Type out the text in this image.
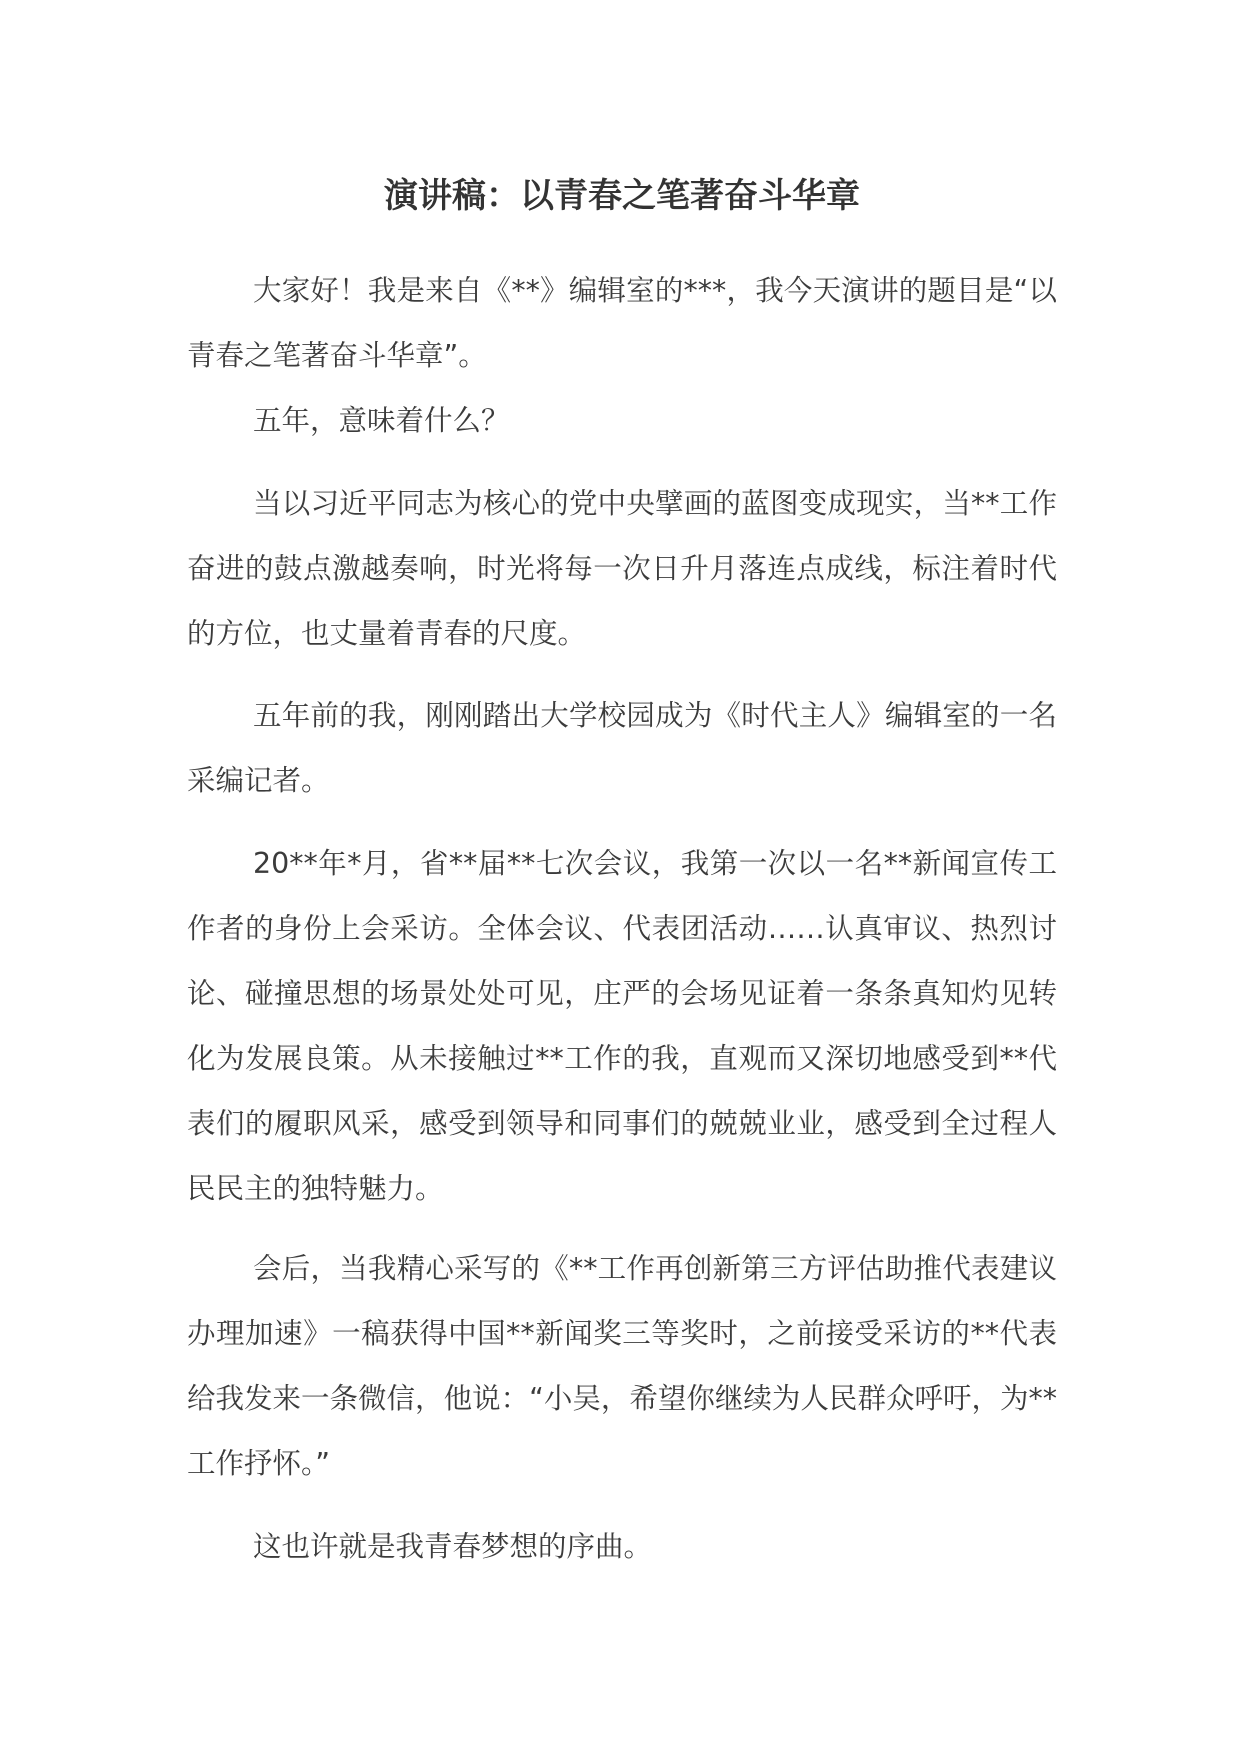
演讲稿：以青春之笔著奋斗华章

大家好！我是来自《**》编辑室的***，我今天演讲的题目是“以青春之笔著奋斗华章”。

五年，意味着什么？

当以习近平同志为核心的党中央擘画的蓝图变成现实，当**工作奋进的鼓点激越奏响，时光将每一次日升月落连点成线，标注着时代的方位，也丈量着青春的尺度。

五年前的我，刚刚踏出大学校园成为《时代主人》编辑室的一名采编记者。

20**年*月，省**届**七次会议，我第一次以一名**新闻宣传工作者的身份上会采访。全体会议、代表团活动……认真审议、热烈讨论、碰撞思想的场景处处可见，庄严的会场见证着一条条真知灼见转化为发展良策。从未接触过**工作的我，直观而又深切地感受到**代表们的履职风采，感受到领导和同事们的兢兢业业，感受到全过程人民民主的独特魅力。

会后，当我精心采写的《**工作再创新第三方评估助推代表建议办理加速》一稿获得中国**新闻奖三等奖时，之前接受采访的**代表给我发来一条微信，他说：“小吴，希望你继续为人民群众呼吁，为**工作抒怀。”

这也许就是我青春梦想的序曲。
